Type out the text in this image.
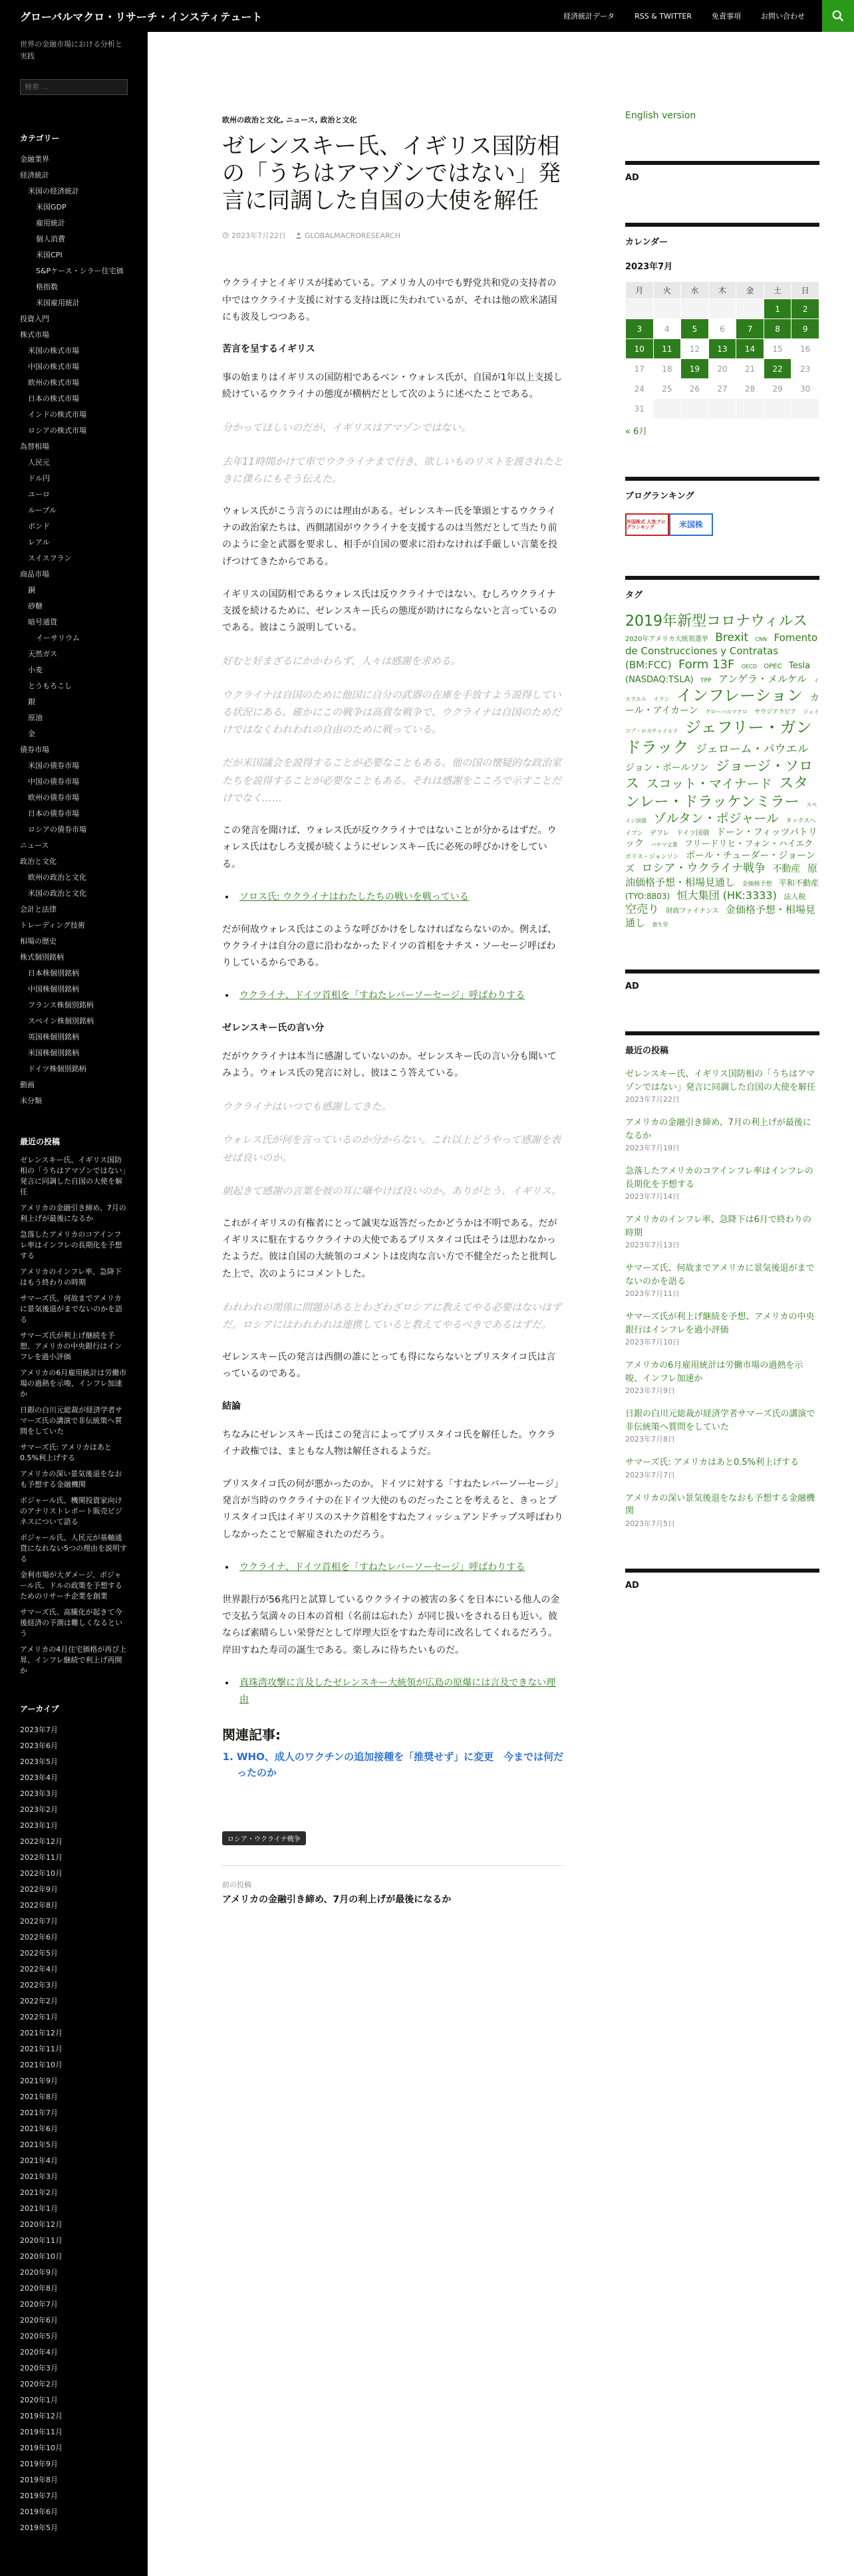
グローバルマクロ・リサーチ・インスティテュート	経済統計データ	RSS & TWITTER	免責事項	お問い合わせ

世界の金融市場における分析と実践

検索 …
カテゴリー
金融業界
経済統計
米国の経済統計
米国GDP
雇用統計
個人消費
米国CPI
S&Pケース・シラー住宅価格指数
米国雇用統計
投資入門
株式市場
米国の株式市場
中国の株式市場
欧州の株式市場
日本の株式市場
インドの株式市場
ロシアの株式市場
為替相場
人民元
ドル円
ユーロ
ルーブル
ポンド
レアル
スイスフラン
商品市場
銅
砂糖
暗号通貨
イーサリウム
天然ガス
小麦
とうもろこし
銀
原油
金
債券市場
米国の債券市場
中国の債券市場
欧州の債券市場
日本の債券市場
ロシアの債券市場
ニュース
政治と文化
欧州の政治と文化
米国の政治と文化
会計と法律
トレーディング技術
相場の歴史
株式個別銘柄
日本株個別銘柄
中国株個別銘柄
フランス株個別銘柄
スペイン株個別銘柄
英国株個別銘柄
米国株個別銘柄
ドイツ株個別銘柄
動画
未分類
最近の投稿
ゼレンスキー氏、イギリス国防相の「うちはアマゾンではない」発言に同調した自国の大使を解任
アメリカの金融引き締め、7月の利上げが最後になるか
急落したアメリカのコアインフレ率はインフレの長期化を予想する
アメリカのインフレ率、急降下はもう終わりの時期
サマーズ氏、何故までアメリカに景気後退がまでないのかを語る
サマーズ氏が利上げ継続を予想、アメリカの中央銀行はインフレを過小評価
アメリカの6月雇用統計は労働市場の過熱を示唆、インフレ加速か
日銀の白川元総裁が経済学者サマーズ氏の講演で非伝統策へ質問をしていた
サマーズ氏: アメリカはあと0.5%利上げする
アメリカの深い景気後退をなおも予想する金融機関
ポジャール氏、機関投資家向けのアナリストレポート販売ビジネスについて語る
ポジャール氏、人民元が基軸通貨になれない5つの理由を説明する
金利市場が大ダメージ、ポジャール氏、ドルの政策を予想するためのリサーチ企業を創業
サマーズ氏、高騰化が起きて今後経済の予測は難しくなるという
アメリカの4月住宅価格が再び上昇、インフレ継続で利上げ再開か
アーカイブ
2023年7月
2023年6月
2023年5月
2023年4月
2023年3月
2023年2月
2023年1月
2022年12月
2022年11月
2022年10月
2022年9月
2022年8月
2022年7月
2022年6月
2022年5月
2022年4月
2022年3月
2022年2月
2022年1月
2021年12月
2021年11月
2021年10月
2021年9月
2021年8月
2021年7月
2021年6月
2021年5月
2021年4月
2021年3月
2021年2月
2021年1月
2020年12月
2020年11月
2020年10月
2020年9月
2020年8月
2020年7月
2020年6月
2020年5月
2020年4月
2020年3月
2020年2月
2020年1月
2019年12月
2019年11月
2019年10月
2019年9月
2019年8月
2019年7月
2019年6月
2019年5月
欧州の政治と文化, ニュース, 政治と文化
ゼレンスキー氏、イギリス国防相の「うちはアマゾンではない」発言に同調した自国の大使を解任
2023年7月22日	GLOBALMACRORESEARCH

ウクライナとイギリスが揉めている。アメリカ人の中でも野党共和党の支持者の中ではウクライナ支援に対する支持は既に失われているが、それは他の欧米諸国にも波及しつつある。

苦言を呈するイギリス

事の始まりはイギリスの国防相であるベン・ウォレス氏が、自国が1年以上支援し続けているウクライナの態度が横柄だとして次のように述べたことである。

分かってほしいのだが、イギリスはアマゾンではない。

去年11時間かけて車でウクライナまで行き、欲しいものリストを渡されたときに僕らにもそう伝えた。

ウォレス氏がこう言うのには理由がある。ゼレンスキー氏を筆頭とするウクライナの政治家たちは、西側諸国がウクライナを支援するのは当然だとして当たり前のように金と武器を要求し、相手が自国の要求に沿わなければ手厳しい言葉を投げつけてきたからである。

イギリスの国防相であるウォレス氏は反ウクライナではない。むしろウクライナ支援を続けるために、ゼレンスキー氏らの態度が助けにならないと言っているのである。彼はこう説明している。

好むと好まざるにかかわらず、人々は感謝を求める。

ウクライナは自国のために他国に自分の武器の在庫を手放すよう説得している状況にある。確かにこの戦争は高貴な戦争で、ウクライナは自国のためだけではなくわれわれの自由のために戦っている。

だが米国議会を説得することが必要なこともある。他の国の懐疑的な政治家たちを説得することが必要なこともある。それは感謝をこころで示すことだけでなく……

この発言を聞けば、ウォレス氏が反ウクライナではないことが分かるはずだ。ウォレス氏はむしろ支援が続くようにゼレンスキー氏に必死の呼びかけをしている。

• ソロス氏: ウクライナはわたしたちの戦いを戦っている

だが何故ウォレス氏はこのような呼びかけをしなければならないのか。例えば、ウクライナは自分の意に沿わなかったドイツの首相をナチス・ソーセージ呼ばわりしているからである。

• ウクライナ、ドイツ首相を「すねたレバーソーセージ」呼ばわりする
ゼレンスキー氏の言い分

だがウクライナは本当に感謝していないのか。ゼレンスキー氏の言い分も聞いてみよう。ウォレス氏の発言に対し、彼はこう答えている。

ウクライナはいつでも感謝してきた。

ウォレス氏が何を言っているのか分からない。これ以上どうやって感謝を表せば良いのか。

朝起きて感謝の言葉を彼の耳に囁やけば良いのか。ありがとう、イギリス。

これがイギリスの有権者にとって誠実な返答だったかどうかは不明である。だがイギリスに駐在するウクライナの大使であるプリスタイコ氏はそうは思わなかったようだ。彼は自国の大統領のコメントは皮肉な言い方で不健全だったと批判した上で、次のようにコメントした。

われわれの関係に問題があるとわざわざロシアに教えてやる必要はないはずだ。ロシアにはわれわれは連携していると教えてやるべきであるはずだ。

ゼレンスキー氏の発言は西側の誰にとっても得にならないとプリスタイコ氏は言っているのである。

結論

ちなみにゼレンスキー氏はこの発言によってプリスタイコ氏を解任した。ウクライナ政権では、まともな人物は解任されるようだ。

プリスタイコ氏の何が悪かったのか。ドイツに対する「すねたレバーソーセージ」発言が当時のウクライナの在ドイツ大使のものだったことを考えると、きっとプリスタイコ氏はイギリスのスナク首相をすねたフィッシュアンドチップス呼ばわりしなかったことで解雇されたのだろう。

• ウクライナ、ドイツ首相を「すねたレバーソーセージ」呼ばわりする

世界銀行が56兆円と試算しているウクライナの被害の多くを日本にいる他人の金で支払う気満々の日本の首相（名前は忘れた）が同じ扱いをされる日も近い。彼ならば素晴らしい栄誉だとして岸理大臣をすねた寿司に改名してくれるだろう。岸田すねた寿司の誕生である。楽しみに待ちたいものだ。

• 真珠湾攻撃に言及したゼレンスキー大統領が広島の原爆には言及できない理由
関連記事:
1. WHO、成人のワクチンの追加接種を「推奨せず」に変更　今までは何だったのか
ロシア・ウクライナ戦争
前の投稿
アメリカの金融引き締め、7月の利上げが最後になるか
English version
AD
カレンダー
2023年7月
月	火	水	木	金	土	日
					1	2
3	4	5	6	7	8	9
10	11	12	13	14	15	16
17	18	19	20	21	22	23
24	25	26	27	28	29	30
31						
« 6月
ブログランキング
外国株式 人気ブログランキング	米国株
タグ
2019年新型コロナウィルス 2020年アメリカ大統領選挙 Brexit CNN Fomento de Construcciones y Contratas (BM:FCC) Form 13F OECD OPEC Tesla (NASDAQ:TSLA) TPP アンゲラ・メルケル イスラエル イラン インフレーション カール・アイカーン グローバルマクロ サウジアラビア ジェイコブ・ロスチャイルド ジェフリー・ガンドラック ジェローム・パウエル ジョン・ポールソン ジョージ・ソロス スコット・マイナード スタンレー・ドラッケンミラー スペイン国債 ゾルタン・ポジャール タックスヘイブン デフレ ドイツ国債 ドーン・フィッツパトリック バナマ文書 フリードリヒ・フォン・ハイエク ボリス・ジョンソン ポール・チューダー・ジョーンズ ロシア・ウクライナ戦争 不動産 原油価格予想・相場見通し 金価格予想 平和不動産 (TYO:8803) 恒大集団 (HK:3333) 法人税 空売り 財政ファイナンス 金価格予想・相場見通し 資生堂
AD
最近の投稿
ゼレンスキー氏、イギリス国防相の「うちはアマゾンではない」発言に同調した自国の大使を解任
2023年7月22日
アメリカの金融引き締め、7月の利上げが最後になるか
2023年7月19日
急落したアメリカのコアインフレ率はインフレの長期化を予想する
2023年7月14日
アメリカのインフレ率、急降下は6月で終わりの時期
2023年7月13日
サマーズ氏、何故までアメリカに景気後退がまでないのかを語る
2023年7月11日
サマーズ氏が利上げ継続を予想、アメリカの中央銀行はインフレを過小評価
2023年7月10日
アメリカの6月雇用統計は労働市場の過熱を示唆、インフレ加速か
2023年7月9日
日銀の白川元総裁が経済学者サマーズ氏の講演で非伝統策へ質問をしていた
2023年7月8日
サマーズ氏: アメリカはあと0.5%利上げする
2023年7月7日
アメリカの深い景気後退をなおも予想する金融機関
2023年7月5日
AD
